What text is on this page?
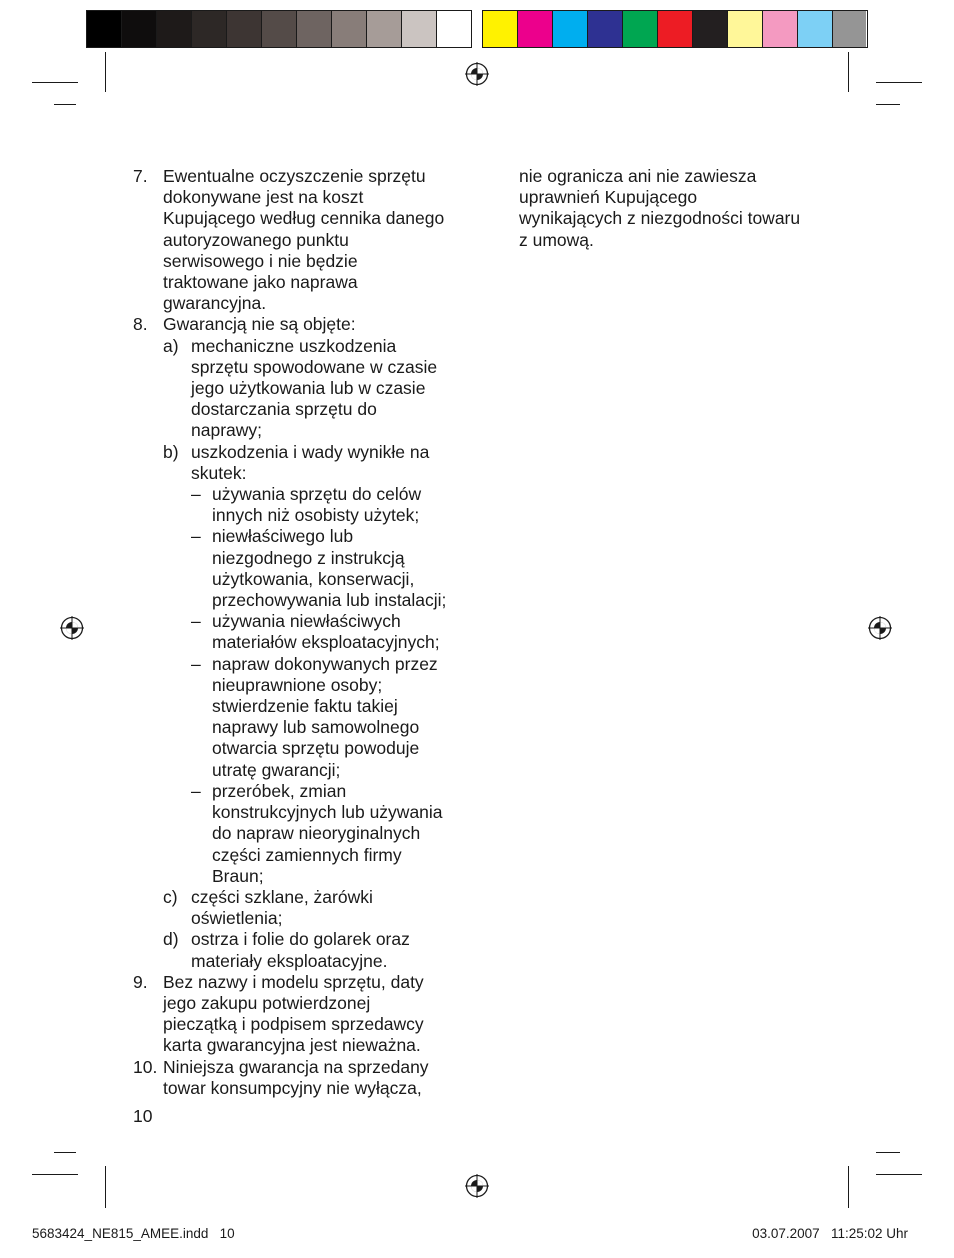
7. Ewentualne oczyszczenie sprzętu
dokonywane jest na koszt
Kupującego według cennika danego
autoryzowanego punktu
serwisowego i nie będzie
traktowane jako naprawa
gwarancyjna.
8. Gwarancją nie są objęte:
a) mechaniczne uszkodzenia
sprzętu spowodowane w czasie
jego użytkowania lub w czasie
dostarczania sprzętu do
naprawy;
b) uszkodzenia i wady wynikłe na
skutek:
– używania sprzętu do celów
innych niż osobisty użytek;
– niewłaściwego lub
niezgodnego z instrukcją
użytkowania, konserwacji,
przechowywania lub instalacji;
– używania niewłaściwych
materiałów eksploatacyjnych;
– napraw dokonywanych przez
nieuprawnione osoby;
stwierdzenie faktu takiej
naprawy lub samowolnego
otwarcia sprzętu powoduje
utratę gwarancji;
– przeróbek, zmian
konstrukcyjnych lub używania
do napraw nieoryginalnych
części zamiennych firmy
Braun;
c) części szklane, żarówki
oświetlenia;
d) ostrza i folie do golarek oraz
materiały eksploatacyjne.
9. Bez nazwy i modelu sprzętu, daty
jego zakupu potwierdzonej
pieczątką i podpisem sprzedawcy
karta gwarancyjna jest nieważna.
10. Niniejsza gwarancja na sprzedany
towar konsumpcyjny nie wyłącza,
nie ogranicza ani nie zawiesza
uprawnień Kupującego
wynikających z niezgodności towaru
z umową.
10
5683424_NE815_AMEE.indd   10	03.07.2007   11:25:02 Uhr
